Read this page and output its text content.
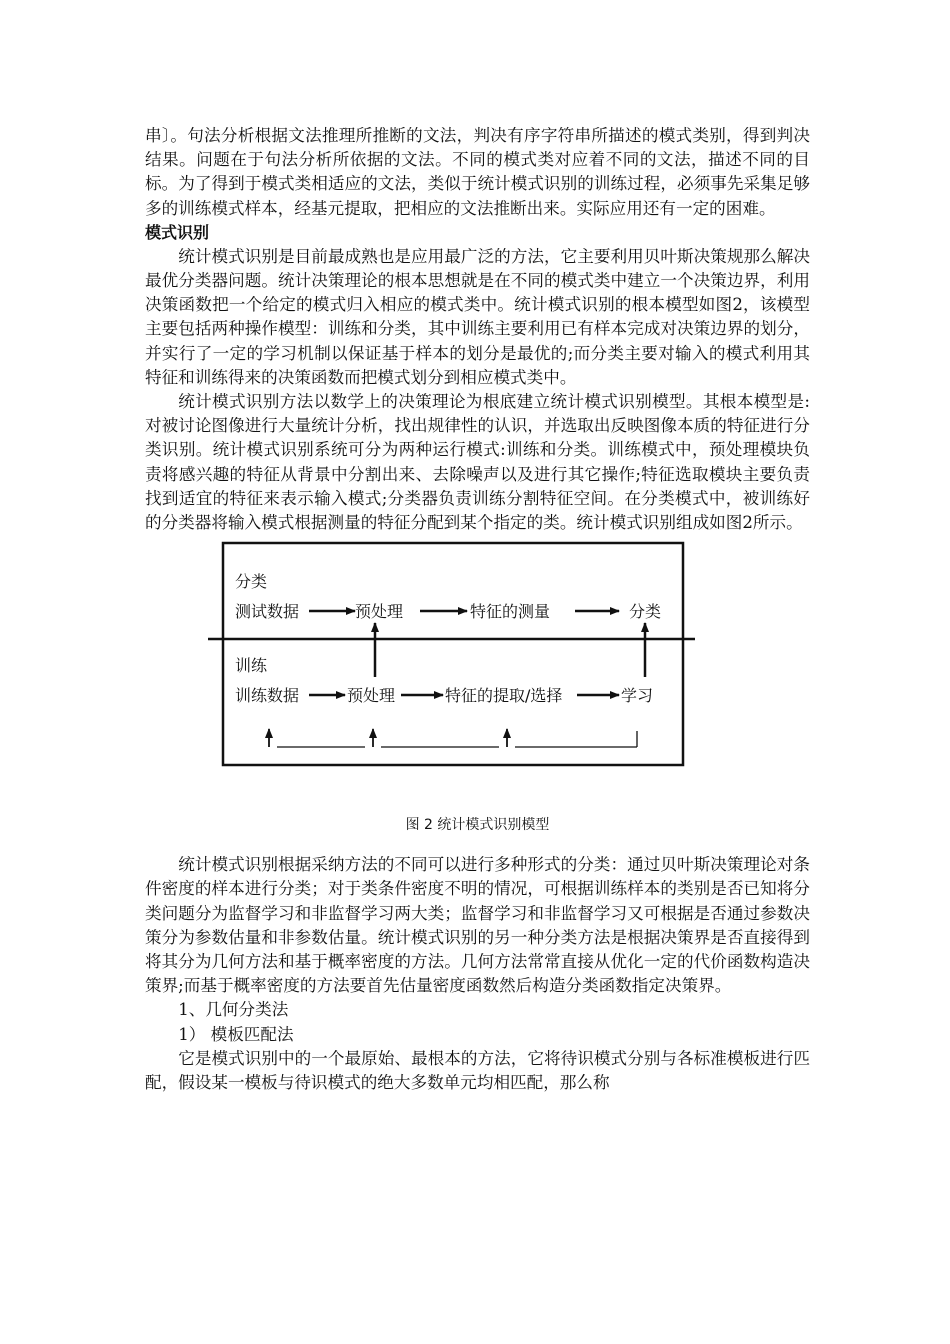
串〕。句法分析根据文法推理所推断的文法，判决有序字符串所描述的模式类别，得到判决结果。问题在于句法分析所依据的文法。不同的模式类对应着不同的文法，描述不同的目标。为了得到于模式类相适应的文法，类似于统计模式识别的训练过程，必须事先采集足够多的训练模式样本，经基元提取，把相应的文法推断出来。实际应用还有一定的困难。

模式识别

统计模式识别是目前最成熟也是应用最广泛的方法，它主要利用贝叶斯决策规那么解决最优分类器问题。统计决策理论的根本思想就是在不同的模式类中建立一个决策边界，利用决策函数把一个给定的模式归入相应的模式类中。统计模式识别的根本模型如图2，该模型主要包括两种操作模型：训练和分类，其中训练主要利用已有样本完成对决策边界的划分，并实行了一定的学习机制以保证基于样本的划分是最优的;而分类主要对输入的模式利用其特征和训练得来的决策函数而把模式划分到相应模式类中。

统计模式识别方法以数学上的决策理论为根底建立统计模式识别模型。其根本模型是:对被讨论图像进行大量统计分析，找出规律性的认识，并选取出反映图像本质的特征进行分类识别。统计模式识别系统可分为两种运行模式:训练和分类。训练模式中，预处理模块负责将感兴趣的特征从背景中分割出来、去除噪声以及进行其它操作;特征选取模块主要负责找到适宜的特征来表示输入模式;分类器负责训练分割特征空间。在分类模式中，被训练好的分类器将输入模式根据测量的特征分配到某个指定的类。统计模式识别组成如图2所示。

分类
测试数据	预处理	特征的测量	分类
训练
训练数据	预处理	特征的提取/选择	学习

图 2 统计模式识别模型

统计模式识别根据采纳方法的不同可以进行多种形式的分类：通过贝叶斯决策理论对条件密度的样本进行分类；对于类条件密度不明的情况，可根据训练样本的类别是否已知将分类问题分为监督学习和非监督学习两大类；监督学习和非监督学习又可根据是否通过参数决策分为参数估量和非参数估量。统计模式识别的另一种分类方法是根据决策界是否直接得到将其分为几何方法和基于概率密度的方法。几何方法常常直接从优化一定的代价函数构造决策界;而基于概率密度的方法要首先估量密度函数然后构造分类函数指定决策界。

1、几何分类法

1） 模板匹配法

它是模式识别中的一个最原始、最根本的方法，它将待识模式分别与各标准模板进行匹配，假设某一模板与待识模式的绝大多数单元均相匹配，那么称
